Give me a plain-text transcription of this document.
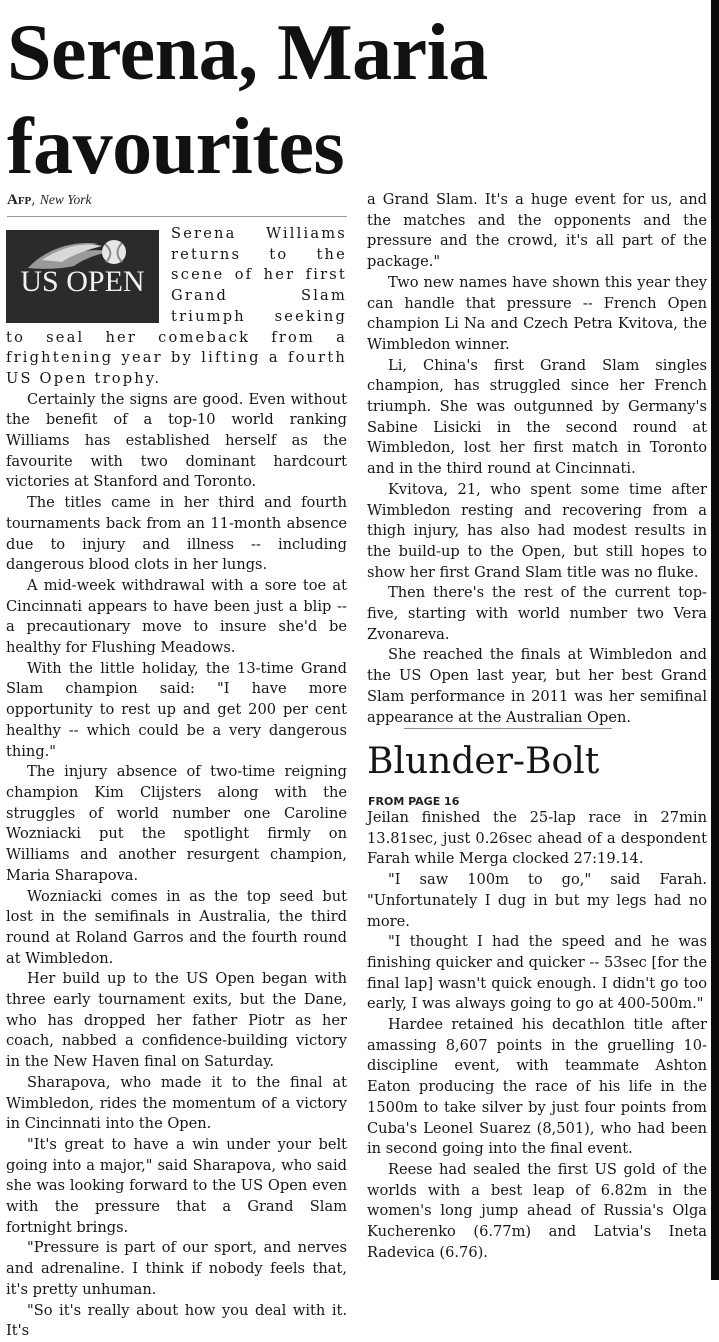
Serena, Maria favourites
Afp, New York
US OPEN

Serena Williams returns to the scene of her first Grand Slam triumph seeking to seal her comeback from a frightening year by lifting a fourth US Open trophy.

Certainly the signs are good. Even without the benefit of a top-10 world ranking Williams has established herself as the favourite with two dominant hardcourt victories at Stanford and Toronto.

The titles came in her third and fourth tournaments back from an 11-month absence due to injury and illness -- including dangerous blood clots in her lungs.

A mid-week withdrawal with a sore toe at Cincinnati appears to have been just a blip -- a precautionary move to insure she'd be healthy for Flushing Meadows.

With the little holiday, the 13-time Grand Slam champion said: "I have more opportunity to rest up and get 200 per cent healthy -- which could be a very dangerous thing."

The injury absence of two-time reigning champion Kim Clijsters along with the struggles of world number one Caroline Wozniacki put the spotlight firmly on Williams and another resurgent champion, Maria Sharapova.

Wozniacki comes in as the top seed but lost in the semifinals in Australia, the third round at Roland Garros and the fourth round at Wimbledon.

Her build up to the US Open began with three early tournament exits, but the Dane, who has dropped her father Piotr as her coach, nabbed a confidence-building victory in the New Haven final on Saturday.

Sharapova, who made it to the final at Wimbledon, rides the momentum of a victory in Cincinnati into the Open.

"It's great to have a win under your belt going into a major," said Sharapova, who said she was looking forward to the US Open even with the pressure that a Grand Slam fortnight brings.

"Pressure is part of our sport, and nerves and adrenaline. I think if nobody feels that, it's pretty unhuman.

"So it's really about how you deal with it. It's

a Grand Slam. It's a huge event for us, and the matches and the opponents and the pressure and the crowd, it's all part of the package."

Two new names have shown this year they can handle that pressure -- French Open champion Li Na and Czech Petra Kvitova, the Wimbledon winner.

Li, China's first Grand Slam singles champion, has struggled since her French triumph. She was outgunned by Germany's Sabine Lisicki in the second round at Wimbledon, lost her first match in Toronto and in the third round at Cincinnati.

Kvitova, 21, who spent some time after Wimbledon resting and recovering from a thigh injury, has also had modest results in the build-up to the Open, but still hopes to show her first Grand Slam title was no fluke.

Then there's the rest of the current top-five, starting with world number two Vera Zvonareva.

She reached the finals at Wimbledon and the US Open last year, but her best Grand Slam performance in 2011 was her semifinal appearance at the Australian Open.

Blunder-Bolt
FROM PAGE 16

Jeilan finished the 25-lap race in 27min 13.81sec, just 0.26sec ahead of a despondent Farah while Merga clocked 27:19.14.

"I saw 100m to go," said Farah. "Unfortunately I dug in but my legs had no more.

"I thought I had the speed and he was finishing quicker and quicker -- 53sec [for the final lap] wasn't quick enough. I didn't go too early, I was always going to go at 400-500m."

Hardee retained his decathlon title after amassing 8,607 points in the gruelling 10-discipline event, with teammate Ashton Eaton producing the race of his life in the 1500m to take silver by just four points from Cuba's Leonel Suarez (8,501), who had been in second going into the final event.

Reese had sealed the first US gold of the worlds with a best leap of 6.82m in the women's long jump ahead of Russia's Olga Kucherenko (6.77m) and Latvia's Ineta Radevica (6.76).
